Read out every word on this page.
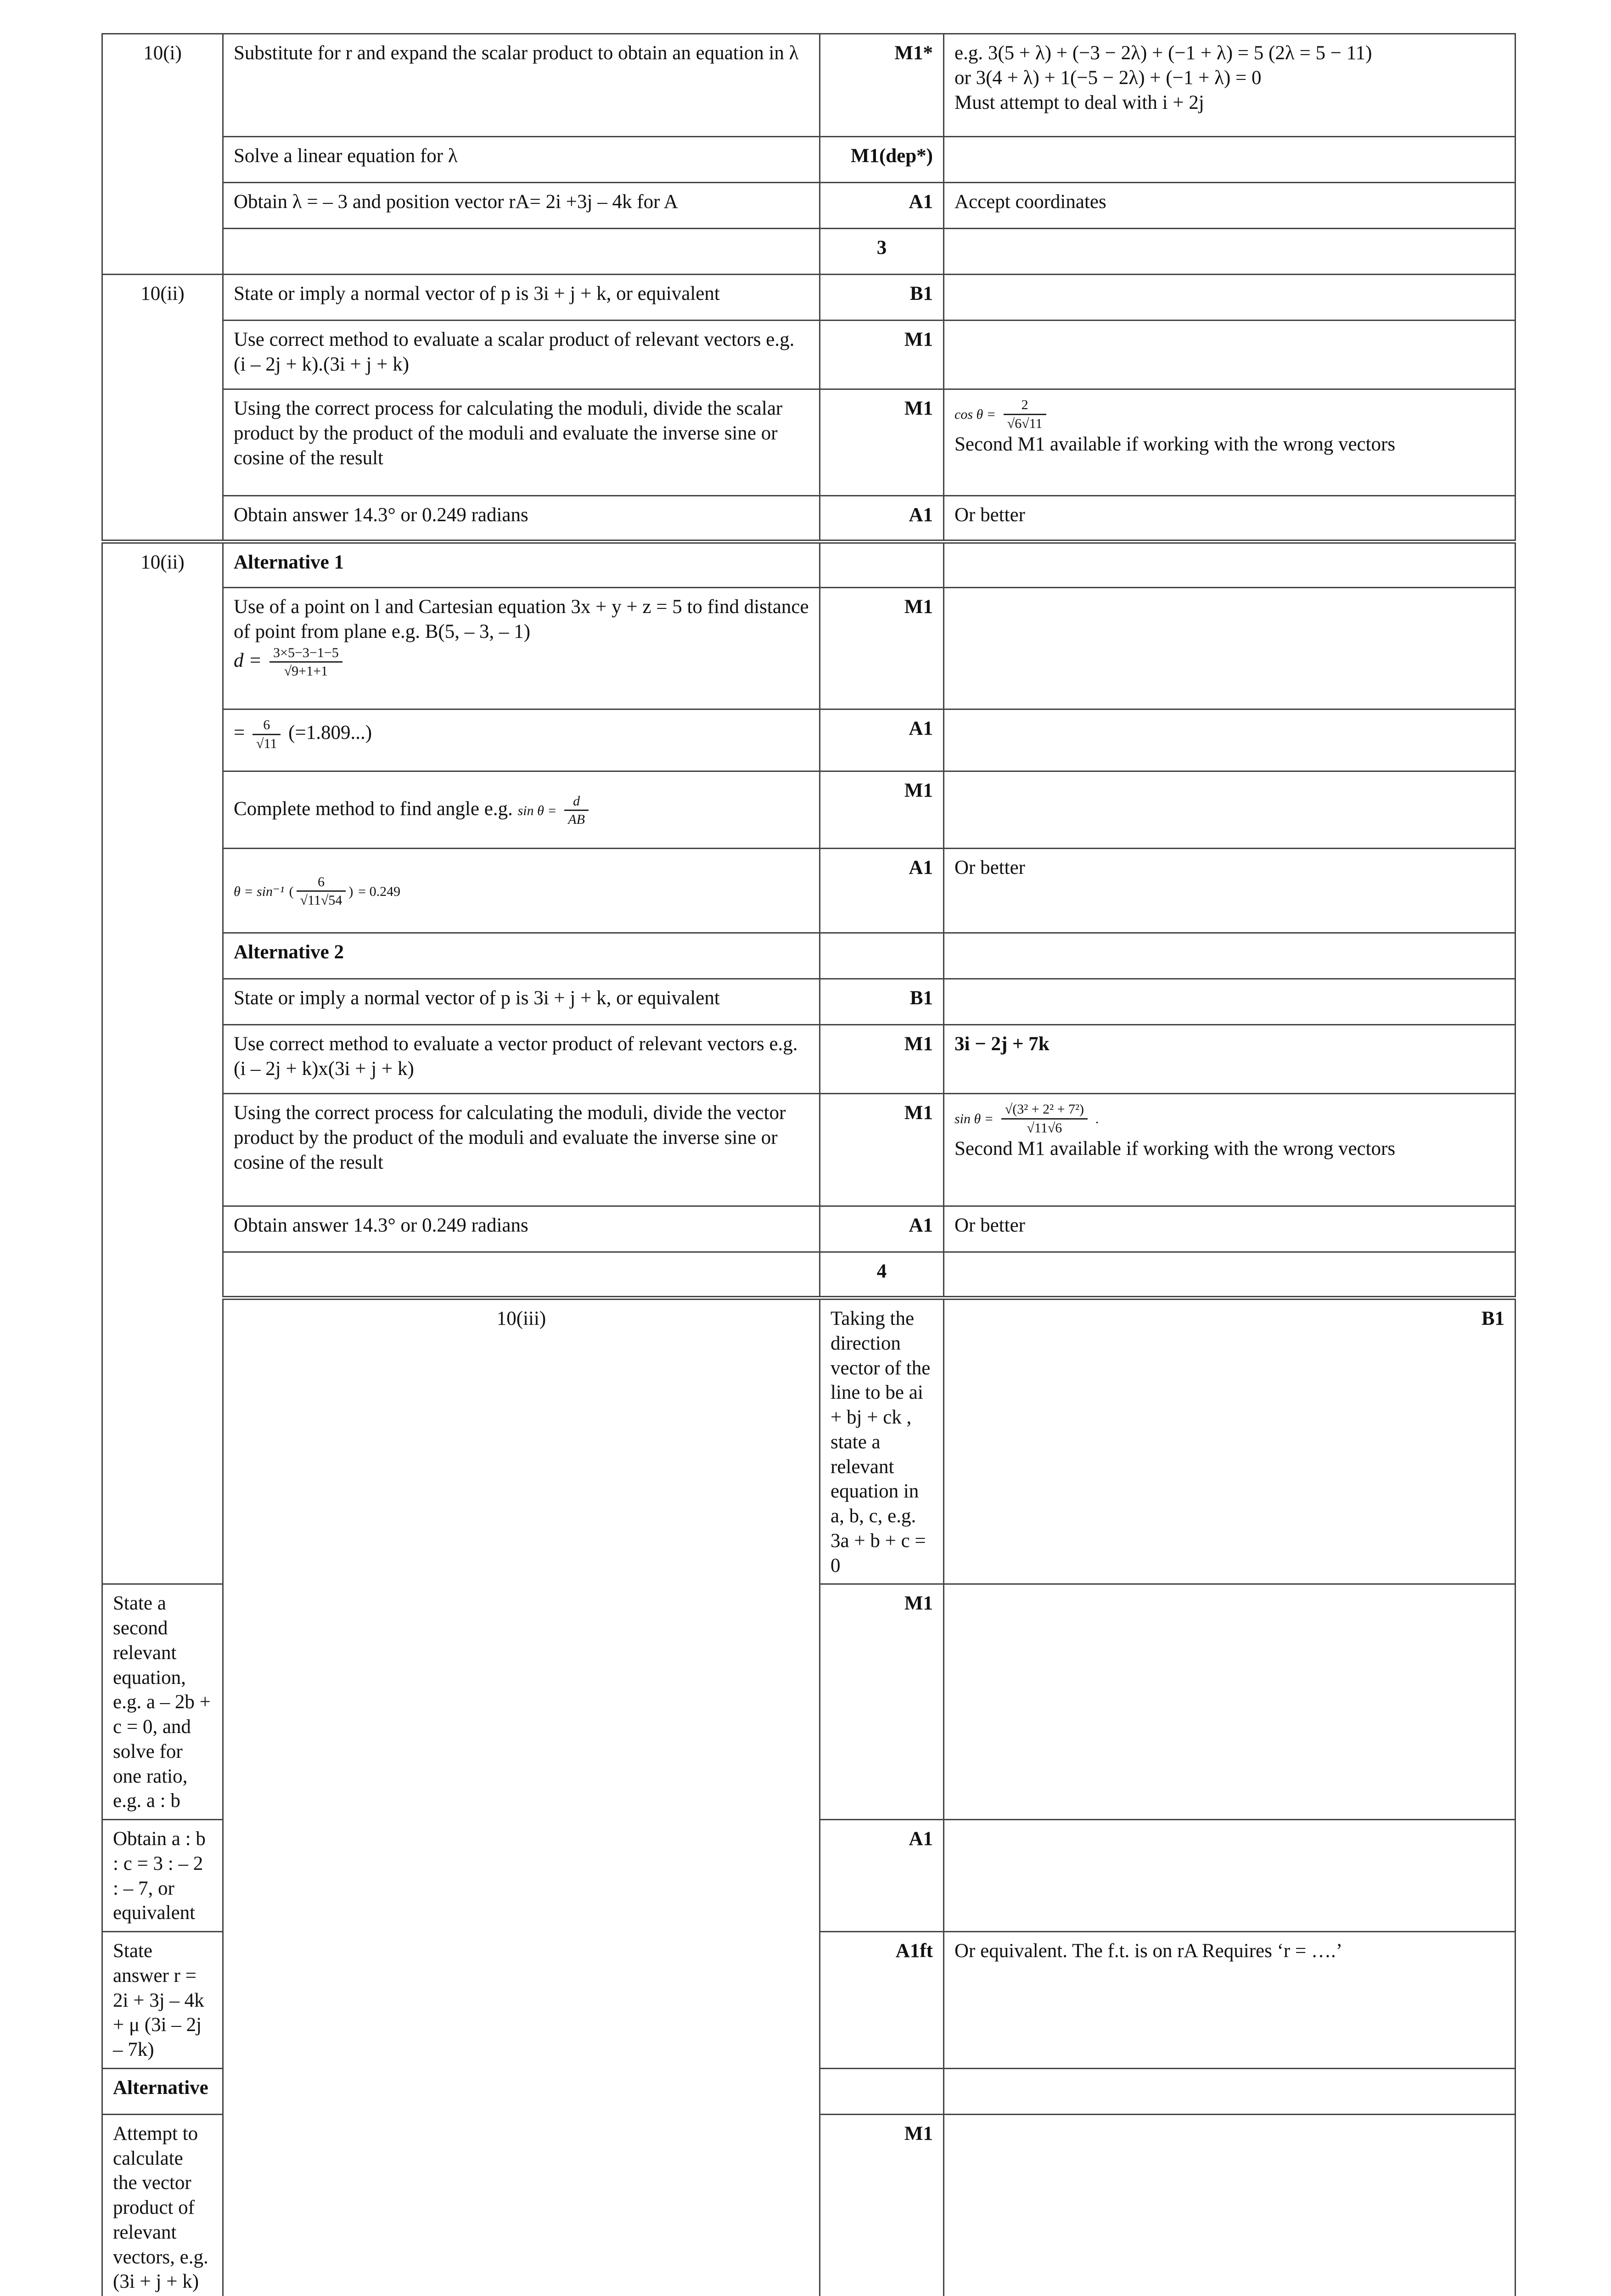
10(i)	Substitute for r and expand the scalar product to obtain an equation in λ	M1*	e.g. 3(5 + λ) + (−3 − 2λ) + (−1 + λ) = 5 (2λ = 5 − 11)
or 3(4 + λ) + 1(−5 − 2λ) + (−1 + λ) = 0
Must attempt to deal with i + 2j	

	Solve a linear equation for λ	M1(dep*)		
	Obtain λ = – 3 and position vector rA= 2i +3j – 4k for A	A1	Accept coordinates	
		3		
10(ii)	State or imply a normal vector of p is 3i + j + k, or equivalent	B1		
	Use correct method to evaluate a scalar product of relevant vectors e.g. (i – 2j + k).(3i + j + k)	M1		
	Using the correct process for calculating the moduli, divide the scalar product by the product of the moduli and evaluate the inverse sine or cosine of the result	M1	$\cos \theta = \frac{2}{√6√11}$
Second M1 available if working with the wrong vectors	

	Obtain answer 14.3° or 0.249 radians	A1	Or better	
10(ii)	Alternative 1			

	Use of a point on l and Cartesian equation 3x + y + z = 5 to find distance of point from plane e.g. B(5, – 3, – 1)
$d = \frac{3\times 5-3-1-5}{√9+1+1}$	M1		
	= $\frac{6}{√11} (=1.809...)$	A1		
	Complete method to find angle e.g. $\sin \theta = \frac{d}{AB}$	M1		
	θ = sin⁻¹ ( $\frac{6}{√11√54}$ ) = 0.249	A1	Or better	
	Alternative 2			
	State or imply a normal vector of p is 3i + j + k, or equivalent	B1		
	Use correct method to evaluate a vector product of relevant vectors e.g. (i – 2j + k)x(3i + j + k)	M1	3i − 2j + 7k	
	Using the correct process for calculating the moduli, divide the vector product by the product of the moduli and evaluate the inverse sine or cosine of the result	M1	$\sin \theta = \frac{\text{√(3² + 2² + 7²)}}{√11√6}$ .
Second M1 available if working with the wrong vectors	

	Obtain answer 14.3° or 0.249 radians	A1	Or better	
		4		
	10(iii)	Taking the direction vector of the line to be ai + bj + ck , state a relevant equation in a, b, c, e.g. 3a + b + c = 0	B1	
State a second relevant equation, e.g. a – 2b + c = 0, and solve for one ratio, e.g. a : b		M1		
Obtain a : b : c = 3 : – 2 : – 7, or equivalent		A1		
State answer r = 2i + 3j – 4k + μ (3i – 2j – 7k)		A1ft	Or equivalent. The f.t. is on rA Requires ‘r = ….’	
Alternative				
Attempt to calculate the vector product of relevant vectors, e.g. (3i + j + k)		M1		
